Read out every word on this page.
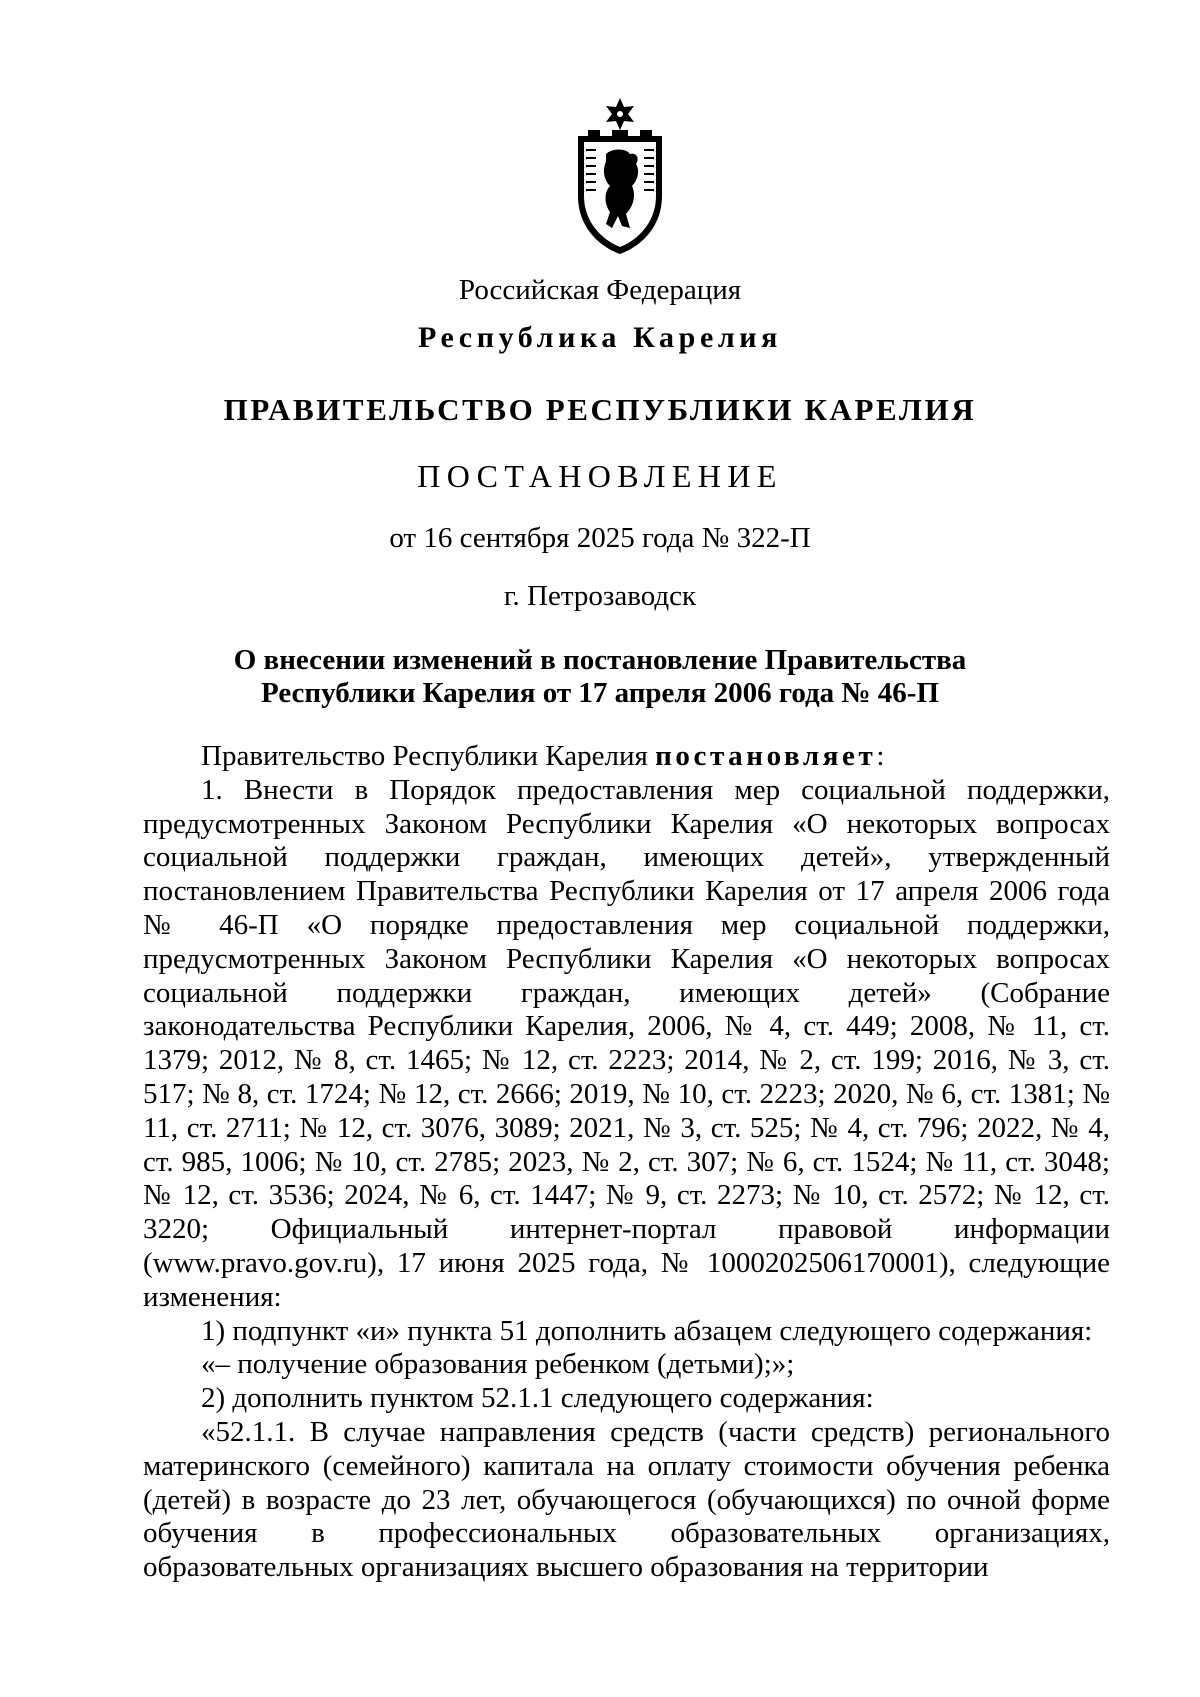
Российская Федерация
Республика Карелия
ПРАВИТЕЛЬСТВО РЕСПУБЛИКИ КАРЕЛИЯ
ПОСТАНОВЛЕНИЕ
от 16 сентября 2025 года № 322-П
г. Петрозаводск
О внесении изменений в постановление Правительства
Республики Карелия от 17 апреля 2006 года № 46-П

Правительство Республики Карелия постановляет:

1. Внести в Порядок предоставления мер социальной поддержки, предусмотренных Законом Республики Карелия «О некоторых вопросах социальной поддержки граждан, имеющих детей», утвержденный постановлением Правительства Республики Карелия от 17 апреля 2006 года № 46-П «О порядке предоставления мер социальной поддержки, предусмотренных Законом Республики Карелия «О некоторых вопросах социальной поддержки граждан, имеющих детей» (Собрание законодательства Республики Карелия, 2006, № 4, ст. 449; 2008, № 11, ст. 1379; 2012, № 8, ст. 1465; № 12, ст. 2223; 2014, № 2, ст. 199; 2016, № 3, ст. 517; № 8, ст. 1724; № 12, ст. 2666; 2019, № 10, ст. 2223; 2020, № 6, ст. 1381; № 11, ст. 2711; № 12, ст. 3076, 3089; 2021, № 3, ст. 525; № 4, ст. 796; 2022, № 4, ст. 985, 1006; № 10, ст. 2785; 2023, № 2, ст. 307; № 6, ст. 1524; № 11, ст. 3048; № 12, ст. 3536; 2024, № 6, ст. 1447; № 9, ст. 2273; № 10, ст. 2572; № 12, ст. 3220; Официальный интернет-портал правовой информации (www.pravo.gov.ru), 17 июня 2025 года, № 1000202506170001), следующие изменения:

1) подпункт «и» пункта 51 дополнить абзацем следующего содержания:

«– получение образования ребенком (детьми);»;

2) дополнить пунктом 52.1.1 следующего содержания:

«52.1.1. В случае направления средств (части средств) регионального материнского (семейного) капитала на оплату стоимости обучения ребенка (детей) в возрасте до 23 лет, обучающегося (обучающихся) по очной форме обучения в профессиональных образовательных организациях, образовательных организациях высшего образования на территории
